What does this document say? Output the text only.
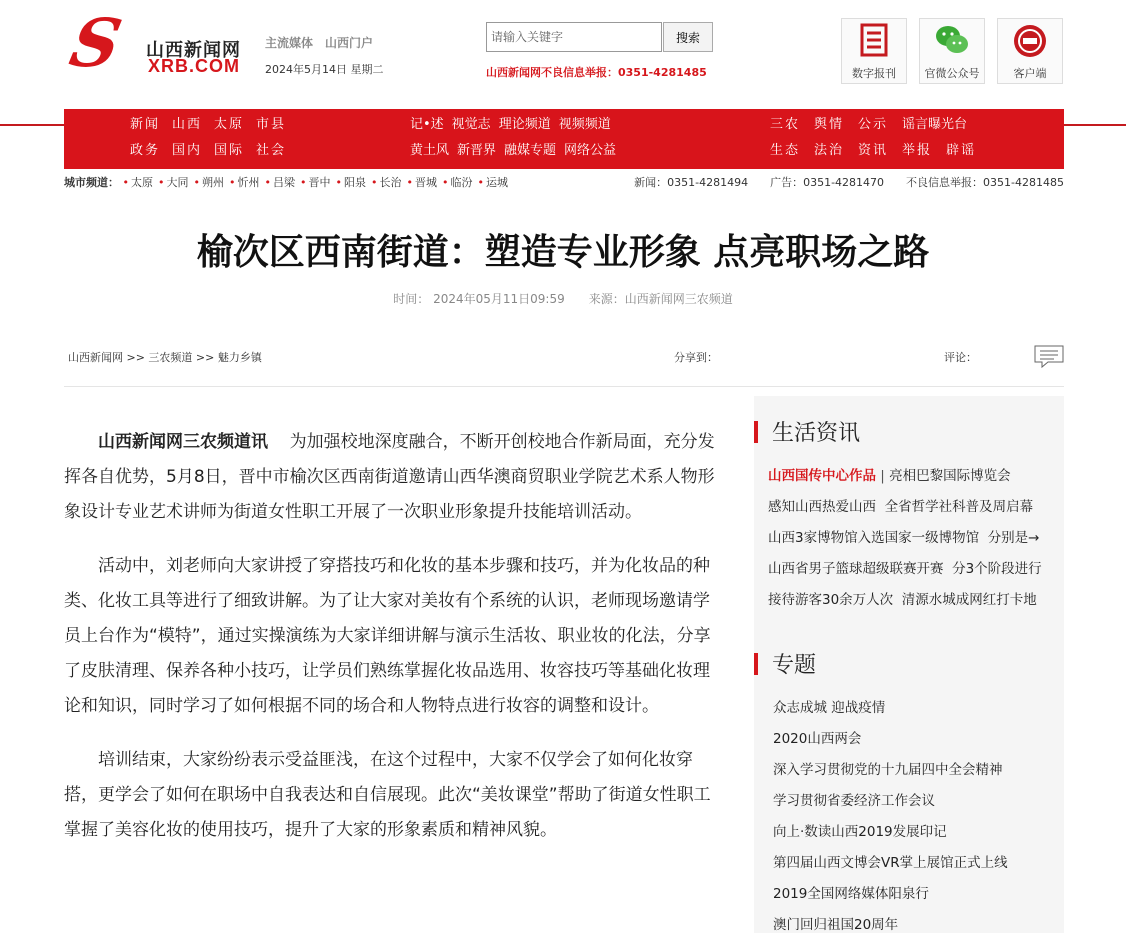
S 山西新闻网
XRB.COM
主流媒体 山西门户
2024年5月14日 星期二
请输入关键字
搜索
山西新闻网不良信息举报：0351-4281485	数字报刊	官微公众号	客户端
新闻 山西 太原 市县
政务 国内 国际 社会
记•述 视觉志 理论频道 视频频道
黄土风 新晋界 融媒专题 网络公益
三农 舆情 公示 谣言曝光台
生态 法治 资讯 举报 辟谣
城市频道： • 太原 • 大同 • 朔州 • 忻州 • 吕梁 • 晋中 • 阳泉 • 长治 • 晋城 • 临汾 • 运城	新闻：0351-4281494 广告：0351-4281470 不良信息举报：0351-4281485
榆次区西南街道：塑造专业形象 点亮职场之路
时间： 2024年05月11日09:59 来源：山西新闻网三农频道
山西新闻网 >> 三农频道 >> 魅力乡镇	分享到：	评论：

山西新闻网三农频道讯 为加强校地深度融合，不断开创校地合作新局面，充分发挥各自优势，5月8日，晋中市榆次区西南街道邀请山西华澳商贸职业学院艺术系人物形象设计专业艺术讲师为街道女性职工开展了一次职业形象提升技能培训活动。

活动中，刘老师向大家讲授了穿搭技巧和化妆的基本步骤和技巧，并为化妆品的种类、化妆工具等进行了细致讲解。为了让大家对美妆有个系统的认识，老师现场邀请学员上台作为“模特”，通过实操演练为大家详细讲解与演示生活妆、职业妆的化法，分享了皮肤清理、保养各种小技巧，让学员们熟练掌握化妆品选用、妆容技巧等基础化妆理论和知识，同时学习了如何根据不同的场合和人物特点进行妆容的调整和设计。

培训结束，大家纷纷表示受益匪浅，在这个过程中，大家不仅学会了如何化妆穿搭，更学会了如何在职场中自我表达和自信展现。此次“美妆课堂”帮助了街道女性职工掌握了美容化妆的使用技巧，提升了大家的形象素质和精神风貌。

生活资讯
山西国传中心作品 | 亮相巴黎国际博览会
感知山西热爱山西 全省哲学社科普及周启幕
山西3家博物馆入选国家一级博物馆 分别是→
山西省男子篮球超级联赛开赛 分3个阶段进行
接待游客30余万人次 清源水城成网红打卡地
专题
众志成城 迎战疫情
2020山西两会
深入学习贯彻党的十九届四中全会精神
学习贯彻省委经济工作会议
向上·数读山西2019发展印记
第四届山西文博会VR掌上展馆正式上线
2019全国网络媒体阳泉行
澳门回归祖国20周年
